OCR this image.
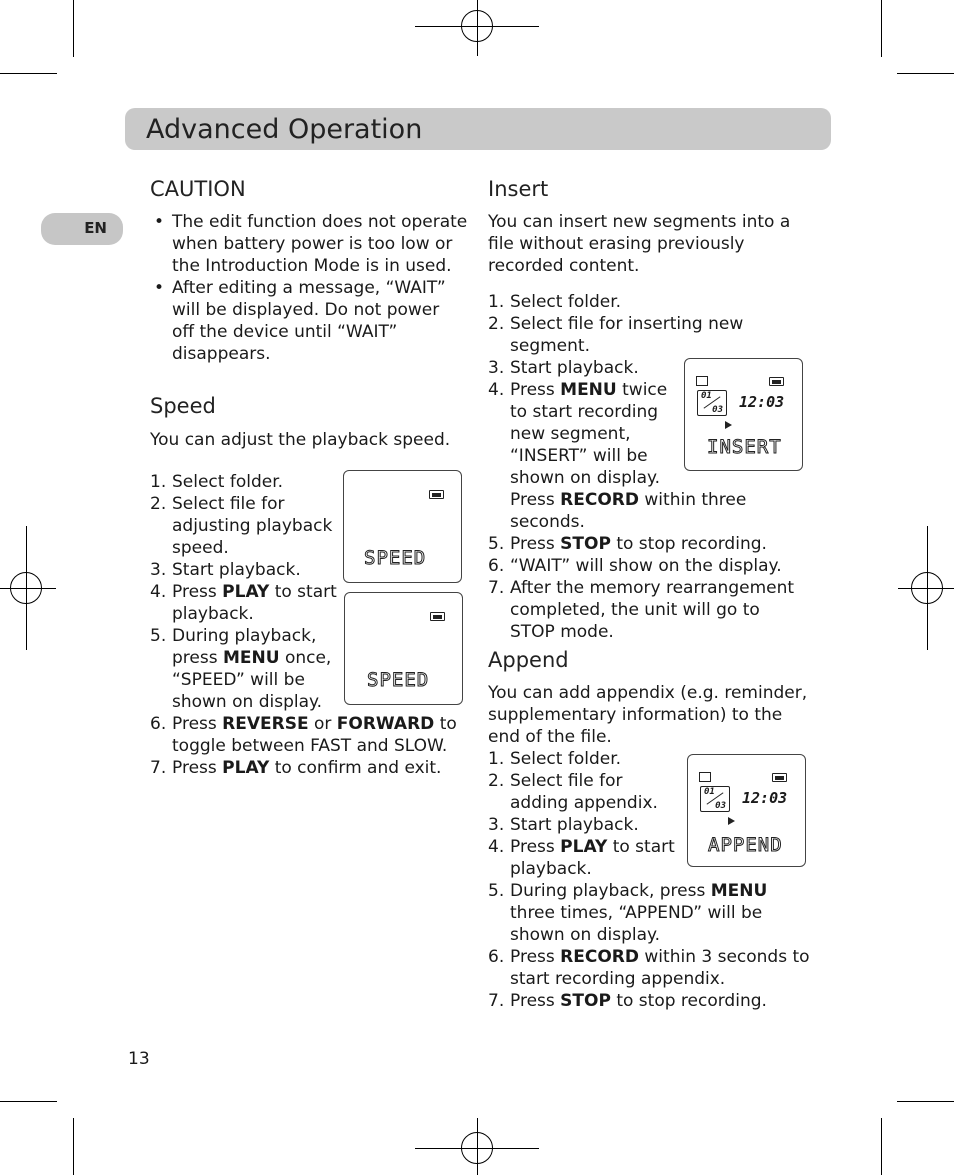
Advanced Operation
EN
CAUTION
• The edit function does not operate
when battery power is too low or
the Introduction Mode is in used.
• After editing a message, “WAIT”
will be displayed. Do not power
off the device until “WAIT”
disappears.
Speed

You can adjust the playback speed.

1. Select folder.
2. Select file for
adjusting playback
speed.
3. Start playback.
4. Press PLAY to start
playback.
5. During playback,
press MENU once,
“SPEED” will be
shown on display.
6. Press REVERSE or FORWARD to
toggle between FAST and SLOW.
7. Press PLAY to confirm and exit.
SPEED
SPEED
Insert
You can insert new segments into a
file without erasing previously
recorded content.
1. Select folder.
2. Select file for inserting new
segment.
3. Start playback.
4. Press MENU twice
to start recording
new segment,
“INSERT” will be
shown on display.
Press RECORD within three
seconds.
5. Press STOP to stop recording.
6. “WAIT” will show on the display.
7. After the memory rearrangement
completed, the unit will go to
STOP mode.
01
03 12:03
INSERT
Append
You can add appendix (e.g. reminder,
supplementary information) to the
end of the file.
1. Select folder.
2. Select file for
adding appendix.
3. Start playback.
4. Press PLAY to start
playback.
5. During playback, press MENU
three times, “APPEND” will be
shown on display.
6. Press RECORD within 3 seconds to
start recording appendix.
7. Press STOP to stop recording.
01
03 12:03
APPEND
13
